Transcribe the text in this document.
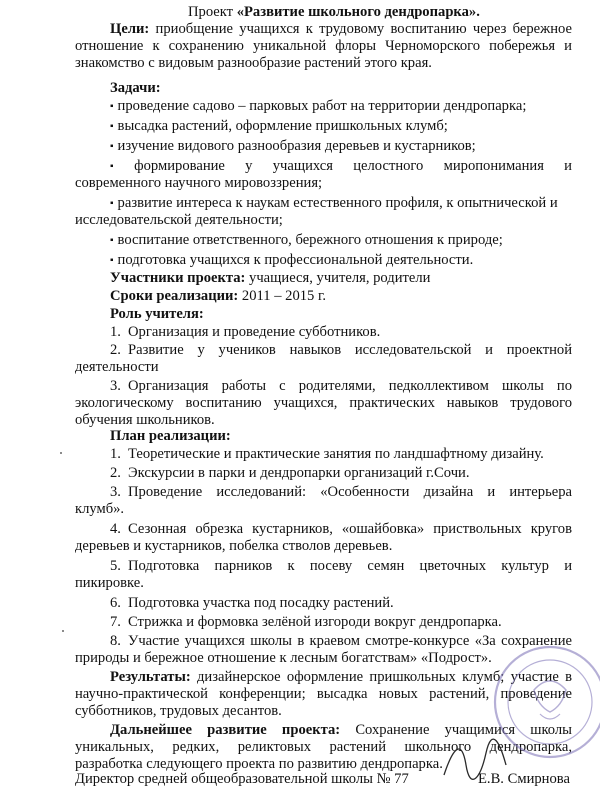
Проект «Развитие школьного дендропарка».
Цели: приобщение учащихся к трудовому воспитанию через бережное
отношение к сохранению уникальной флоры Черноморского побережья и
знакомство с видовым разнообразие растений этого края.
Задачи:
▪ проведение садово – парковых работ на территории дендропарка;
▪ высадка растений, оформление пришкольных клумб;
▪ изучение видового разнообразия деревьев и кустарников;
▪ формирование у учащихся целостного миропонимания и
современного научного мировоззрения;
▪ развитие интереса к наукам естественного профиля, к опытнической и
исследовательской деятельности;
▪ воспитание ответственного, бережного отношения к природе;
▪ подготовка учащихся к профессиональной деятельности.
Участники проекта: учащиеся, учителя, родители
Сроки реализации: 2011 – 2015 г.
Роль учителя:
1. Организация и проведение субботников.
2. Развитие у учеников навыков исследовательской и проектной
деятельности
3. Организация работы с родителями, педколлективом школы по
экологическому воспитанию учащихся, практических навыков трудового
обучения школьников.
План реализации:
1. Теоретические и практические занятия по ландшафтному дизайну.
2. Экскурсии в парки и дендропарки организаций г.Сочи.
3. Проведение исследований: «Особенности дизайна и интерьера
клумб».
4. Сезонная обрезка кустарников, «ошайбовка» приствольных кругов
деревьев и кустарников, побелка стволов деревьев.
5. Подготовка парников к посеву семян цветочных культур и
пикировке.
6. Подготовка участка под посадку растений.
7. Стрижка и формовка зелёной изгороди вокруг дендропарка.
8. Участие учащихся школы в краевом смотре-конкурсе «За сохранение
природы и бережное отношение к лесным богатствам» «Подрост».
Результаты: дизайнерское оформление пришкольных клумб; участие в
научно-практической конференции; высадка новых растений, проведение
субботников, трудовых десантов.
Дальнейшее развитие проекта: Сохранение учащимися школы
уникальных, редких, реликтовых растений школьного дендропарка,
разработка следующего проекта по развитию дендропарка.
Директор средней общеобразовательной школы № 77	Е.В. Смирнова
